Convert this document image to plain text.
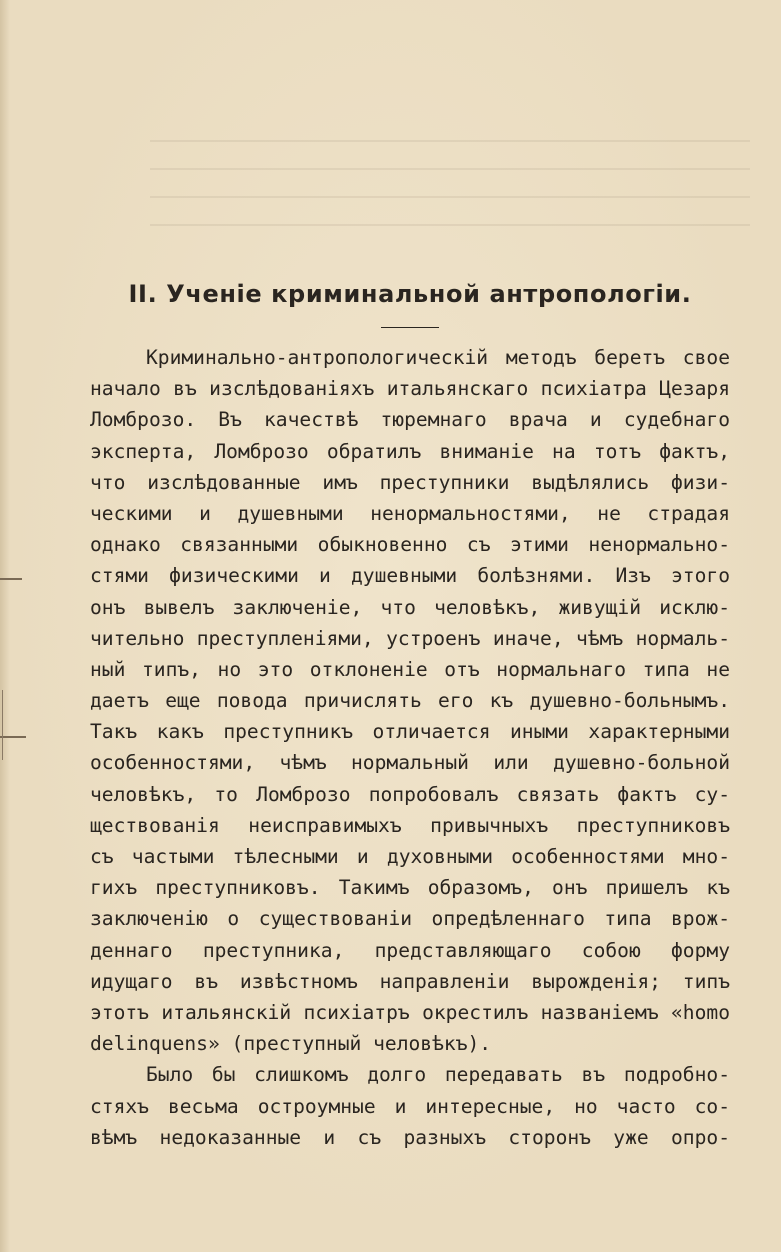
II. Ученіе криминальной антропологіи.
Криминально-антропологическій методъ беретъ свое
начало въ изслѣдованіяхъ итальянскаго психіатра Цезаря
Ломброзо. Въ качествѣ тюремнаго врача и судебнаго
эксперта, Ломброзо обратилъ вниманіе на тотъ фактъ,
что изслѣдованные имъ преступники выдѣлялись физи-
ческими и душевными ненормальностями, не страдая
однако связанными обыкновенно съ этими ненормально-
стями физическими и душевными болѣзнями. Изъ этого
онъ вывелъ заключеніе, что человѣкъ, живущій исклю-
чительно преступленіями, устроенъ иначе, чѣмъ нормаль-
ный типъ, но это отклоненіе отъ нормальнаго типа не
даетъ еще повода причислять его къ душевно-больнымъ.
Такъ какъ преступникъ отличается иными характерными
особенностями, чѣмъ нормальный или душевно-больной
человѣкъ, то Ломброзо попробовалъ связать фактъ су-
ществованія неисправимыхъ привычныхъ преступниковъ
съ частыми тѣлесными и духовными особенностями мно-
гихъ преступниковъ. Такимъ образомъ, онъ пришелъ къ
заключенію о существованіи опредѣленнаго типа врож-
деннаго преступника, представляющаго собою форму
идущаго въ извѣстномъ направленіи вырожденія; типъ
этотъ итальянскій психіатръ окрестилъ названіемъ «homo
delinquens» (преступный человѣкъ).
Было бы слишкомъ долго передавать въ подробно-
стяхъ весьма остроумные и интересные, но часто со-
вѣмъ недоказанные и съ разныхъ сторонъ уже опро-
